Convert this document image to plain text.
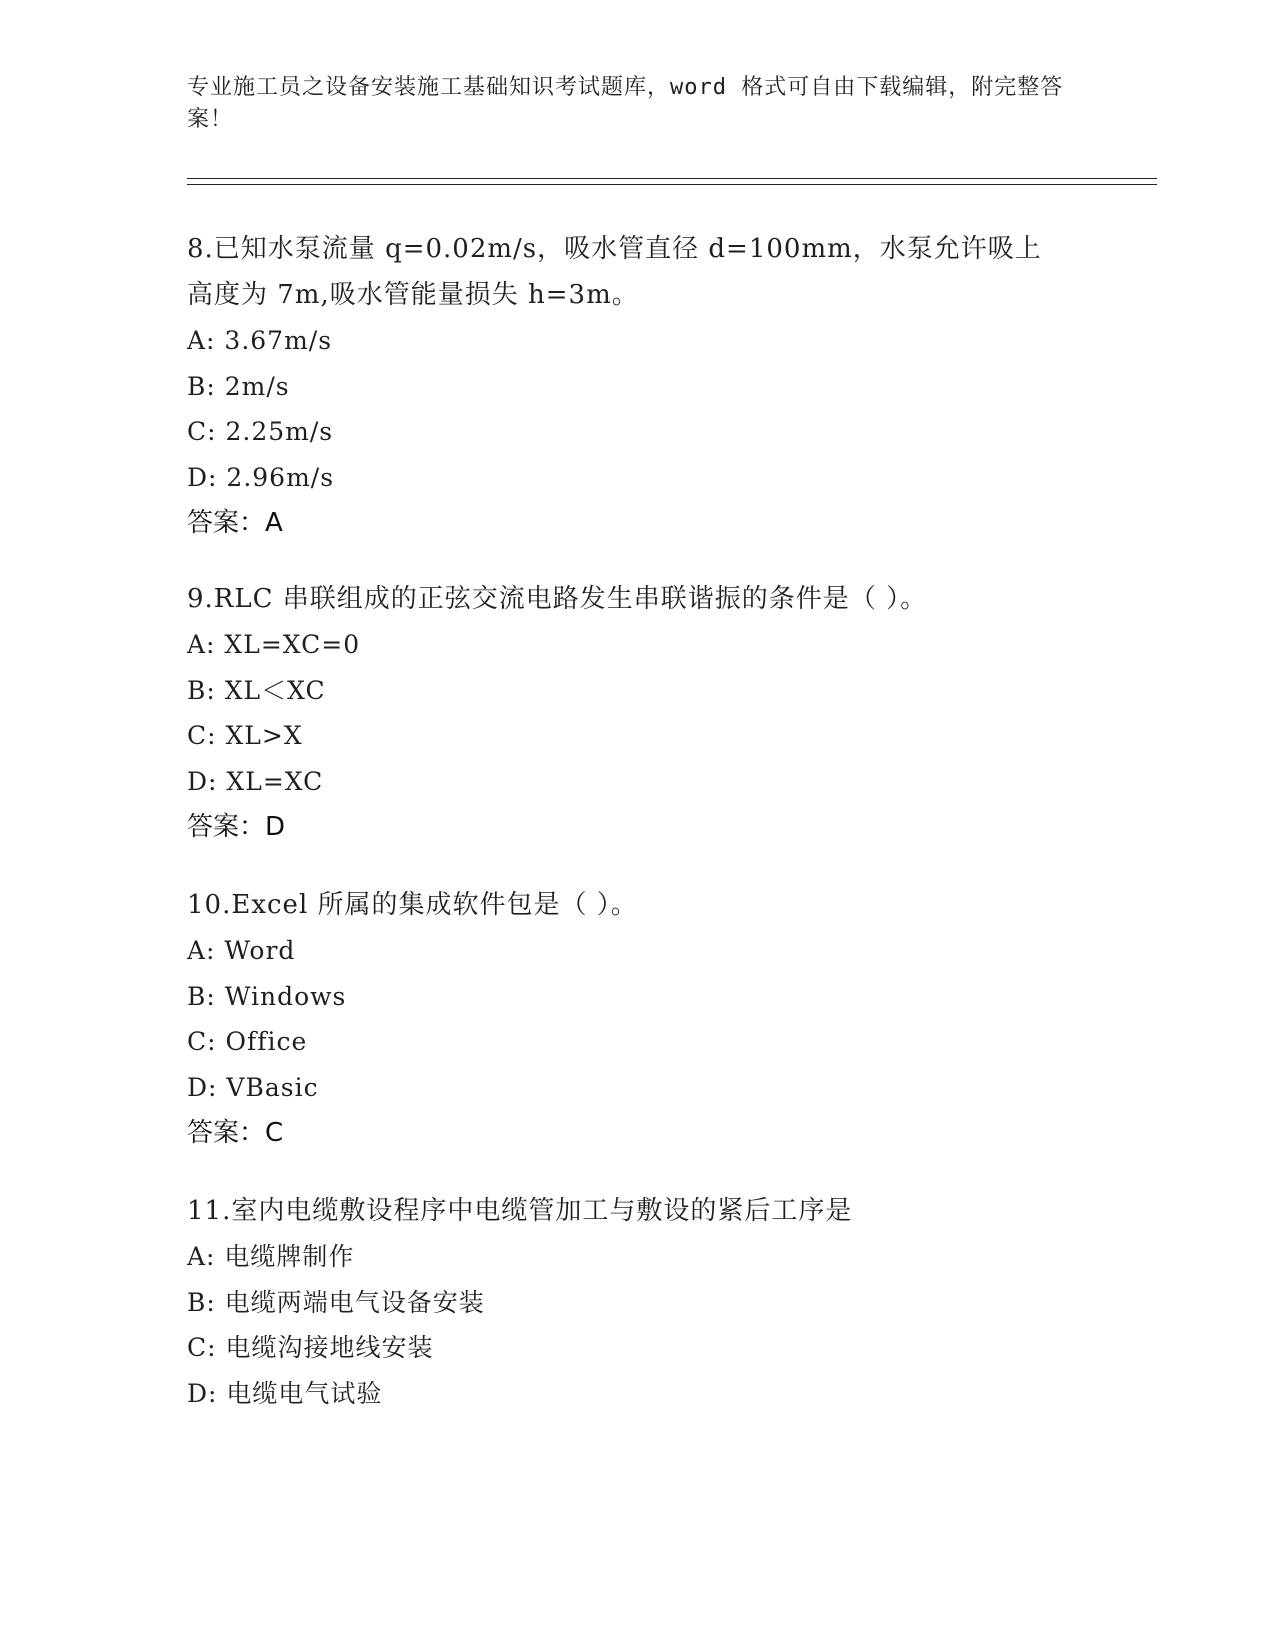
专业施工员之设备安装施工基础知识考试题库，word 格式可自由下载编辑，附完整答案！

8.已知水泵流量 q=0.02m/s，吸水管直径 d=100mm，水泵允许吸上高度为 7m,吸水管能量损失 h=3m。

A: 3.67m/s

B: 2m/s

C: 2.25m/s

D: 2.96m/s

答案：A

9.RLC 串联组成的正弦交流电路发生串联谐振的条件是（ ）。

A: XL=XC=0

B: XL＜XC

C: XL>X

D: XL=XC

答案：D

10.Excel 所属的集成软件包是（ ）。

A: Word

B: Windows

C: Office

D: VBasic

答案：C

11.室内电缆敷设程序中电缆管加工与敷设的紧后工序是

A: 电缆牌制作

B: 电缆两端电气设备安装

C: 电缆沟接地线安装

D: 电缆电气试验
